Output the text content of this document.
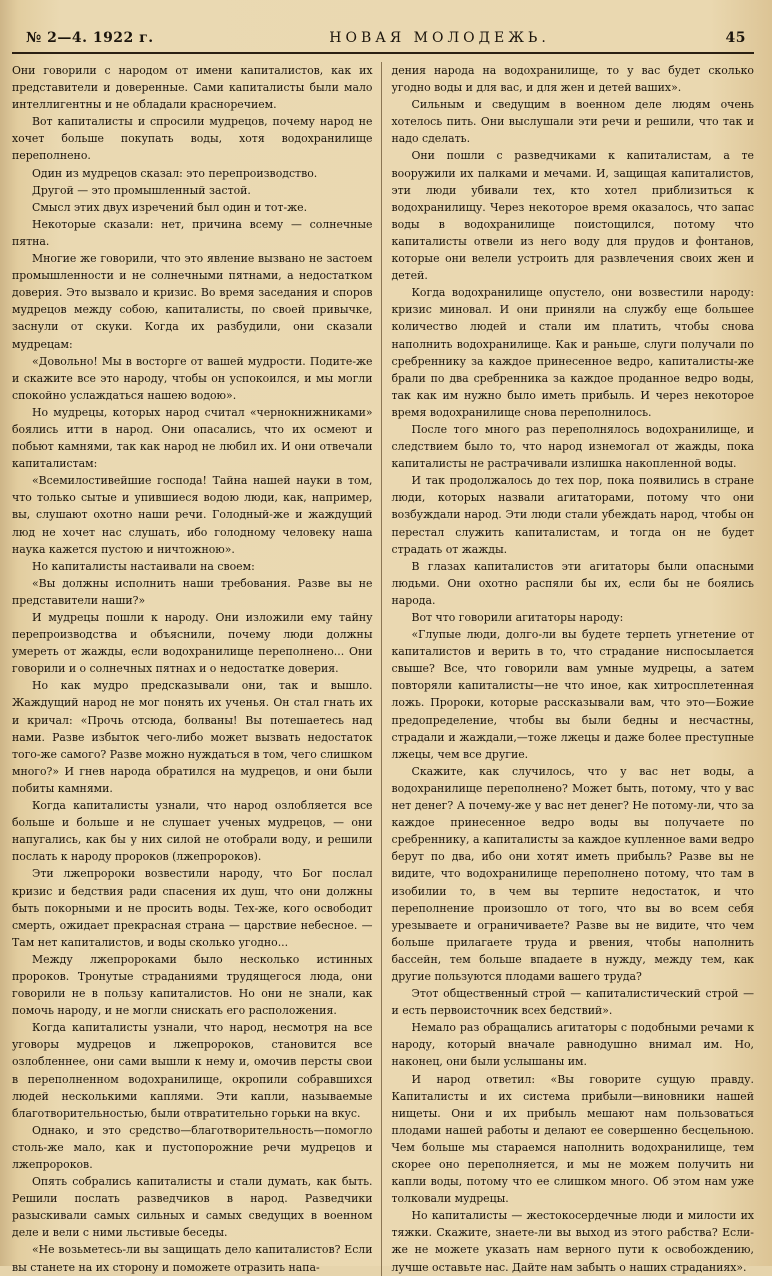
№ 2—4. 1922 г.	НОВАЯ МОЛОДЕЖЬ.	45

Они говорили с народом от имени капиталистов, как их представители и доверенные. Сами капиталисты были мало интеллигентны и не обладали красноречием.

Вот капиталисты и спросили мудрецов, почему народ не хочет больше покупать воды, хотя водохранилище переполнено.

Один из мудрецов сказал: это перепроизводство.

Другой — это промышленный застой.

Смысл этих двух изречений был один и тот-же.

Некоторые сказали: нет, причина всему — солнечные пятна.

Многие же говорили, что это явление вызвано не застоем промышленности и не солнечными пятнами, а недостатком доверия. Это вызвало и кризис. Во время заседания и споров мудрецов между собою, капиталисты, по своей привычке, заснули от скуки. Когда их разбудили, они сказали мудрецам:

«Довольно! Мы в восторге от вашей мудрости. Подите-же и скажите все это народу, чтобы он успокоился, и мы могли спокойно услаждаться нашею водою».

Но мудрецы, которых народ считал «чернокнижниками» боялись итти в народ. Они опасались, что их осмеют и побьют камнями, так как народ не любил их. И они отвечали капиталистам:

«Всемилостивейшие господа! Тайна нашей науки в том, что только сытые и упившиеся водою люди, как, например, вы, слушают охотно наши речи. Голодный-же и жаждущий люд не хочет нас слушать, ибо голодному человеку наша наука кажется пустою и ничтожною».

Но капиталисты настаивали на своем:

«Вы должны исполнить наши требования. Разве вы не представители наши?»

И мудрецы пошли к народу. Они изложили ему тайну перепроизводства и объяснили, почему люди должны умереть от жажды, если водохранилище переполнено... Они говорили и о солнечных пятнах и о недостатке доверия.

Но как мудро предсказывали они, так и вышло. Жаждущий народ не мог понять их ученья. Он стал гнать их и кричал: «Прочь отсюда, болваны! Вы потешаетесь над нами. Разве избыток чего-либо может вызвать недостаток того-же самого? Разве можно нуждаться в том, чего слишком много?» И гнев народа обратился на мудрецов, и они были побиты камнями.

Когда капиталисты узнали, что народ озлобляется все больше и больше и не слушает ученых мудрецов, — они напугались, как бы у них силой не отобрали воду, и решили послать к народу пророков (лжепророков).

Эти лжепророки возвестили народу, что Бог послал кризис и бедствия ради спасения их душ, что они должны быть покорными и не просить воды. Тех-же, кого освободит смерть, ожидает прекрасная страна — царствие небесное. — Там нет капиталистов, и воды сколько угодно...

Между лжепророками было несколько истинных пророков. Тронутые страданиями трудящегося люда, они говорили не в пользу капиталистов. Но они не знали, как помочь народу, и не могли снискать его расположения.

Когда капиталисты узнали, что народ, несмотря на все уговоры мудрецов и лжепророков, становится все озлобленнее, они сами вышли к нему и, омочив персты свои в переполненном водохранилище, окропили собравшихся людей несколькими каплями. Эти капли, называемые благотворительностью, были отвратительно горьки на вкус.

Однако, и это средство—благотворительность—помогло столь-же мало, как и пустопорожние речи мудрецов и лжепророков.

Опять собрались капиталисты и стали думать, как быть. Решили послать разведчиков в народ. Разведчики разыскивали самых сильных и самых сведущих в военном деле и вели с ними льстивые беседы.

«Не возьметесь-ли вы защищать дело капиталистов? Если вы станете на их сторону и поможете отразить напа-

дения народа на водохранилище, то у вас будет сколько угодно воды и для вас, и для жен и детей ваших».

Сильным и сведущим в военном деле людям очень хотелось пить. Они выслушали эти речи и решили, что так и надо сделать.

Они пошли с разведчиками к капиталистам, а те вооружили их палками и мечами. И, защищая капиталистов, эти люди убивали тех, кто хотел приблизиться к водохранилищу. Через некоторое время оказалось, что запас воды в водохранилище поистощился, потому что капиталисты отвели из него воду для прудов и фонтанов, которые они велели устроить для развлечения своих жен и детей.

Когда водохранилище опустело, они возвестили народу: кризис миновал. И они приняли на службу еще большее количество людей и стали им платить, чтобы снова наполнить водохранилище. Как и раньше, слуги получали по сребреннику за каждое принесенное ведро, капиталисты-же брали по два сребренника за каждое проданное ведро воды, так как им нужно было иметь прибыль. И через некоторое время водохранилище снова переполнилось.

После того много раз переполнялось водохранилище, и следствием было то, что народ изнемогал от жажды, пока капиталисты не растрачивали излишка накопленной воды.

И так продолжалось до тех пор, пока появились в стране люди, которых назвали агитаторами, потому что они возбуждали народ. Эти люди стали убеждать народ, чтобы он перестал служить капиталистам, и тогда он не будет страдать от жажды.

В глазах капиталистов эти агитаторы были опасными людьми. Они охотно распяли бы их, если бы не боялись народа.

Вот что говорили агитаторы народу:

«Глупые люди, долго-ли вы будете терпеть угнетение от капиталистов и верить в то, что страдание ниспосылается свыше? Все, что говорили вам умные мудрецы, а затем повторяли капиталисты—не что иное, как хитросплетенная ложь. Пророки, которые рассказывали вам, что это—Божие предопределение, чтобы вы были бедны и несчастны, страдали и жаждали,—тоже лжецы и даже более преступные лжецы, чем все другие.

Скажите, как случилось, что у вас нет воды, а водохранилище переполнено? Может быть, потому, что у вас нет денег? А почему-же у вас нет денег? Не потому-ли, что за каждое принесенное ведро воды вы получаете по сребреннику, а капиталисты за каждое купленное вами ведро берут по два, ибо они хотят иметь прибыль? Разве вы не видите, что водохранилище переполнено потому, что там в изобилии то, в чем вы терпите недостаток, и что переполнение произошло от того, что вы во всем себя урезываете и ограничиваете? Разве вы не видите, что чем больше прилагаете труда и рвения, чтобы наполнить бассейн, тем больше впадаете в нужду, между тем, как другие пользуются плодами вашего труда?

Этот общественный строй — капиталистический строй — и есть первоисточник всех бедствий».

Немало раз обращались агитаторы с подобными речами к народу, который вначале равнодушно внимал им. Но, наконец, они были услышаны им.

И народ ответил: «Вы говорите сущую правду. Капиталисты и их система прибыли—виновники нашей нищеты. Они и их прибыль мешают нам пользоваться плодами нашей работы и делают ее совершенно бесцельною. Чем больше мы стараемся наполнить водохранилище, тем скорее оно переполняется, и мы не можем получить ни капли воды, потому что ее слишком много. Об этом нам уже толковали мудрецы.

Но капиталисты — жестокосердечные люди и милости их тяжки. Скажите, знаете-ли вы выход из этого рабства? Если-же не можете указать нам верного пути к освобождению, лучше оставьте нас. Дайте нам забыть о наших страданиях».
